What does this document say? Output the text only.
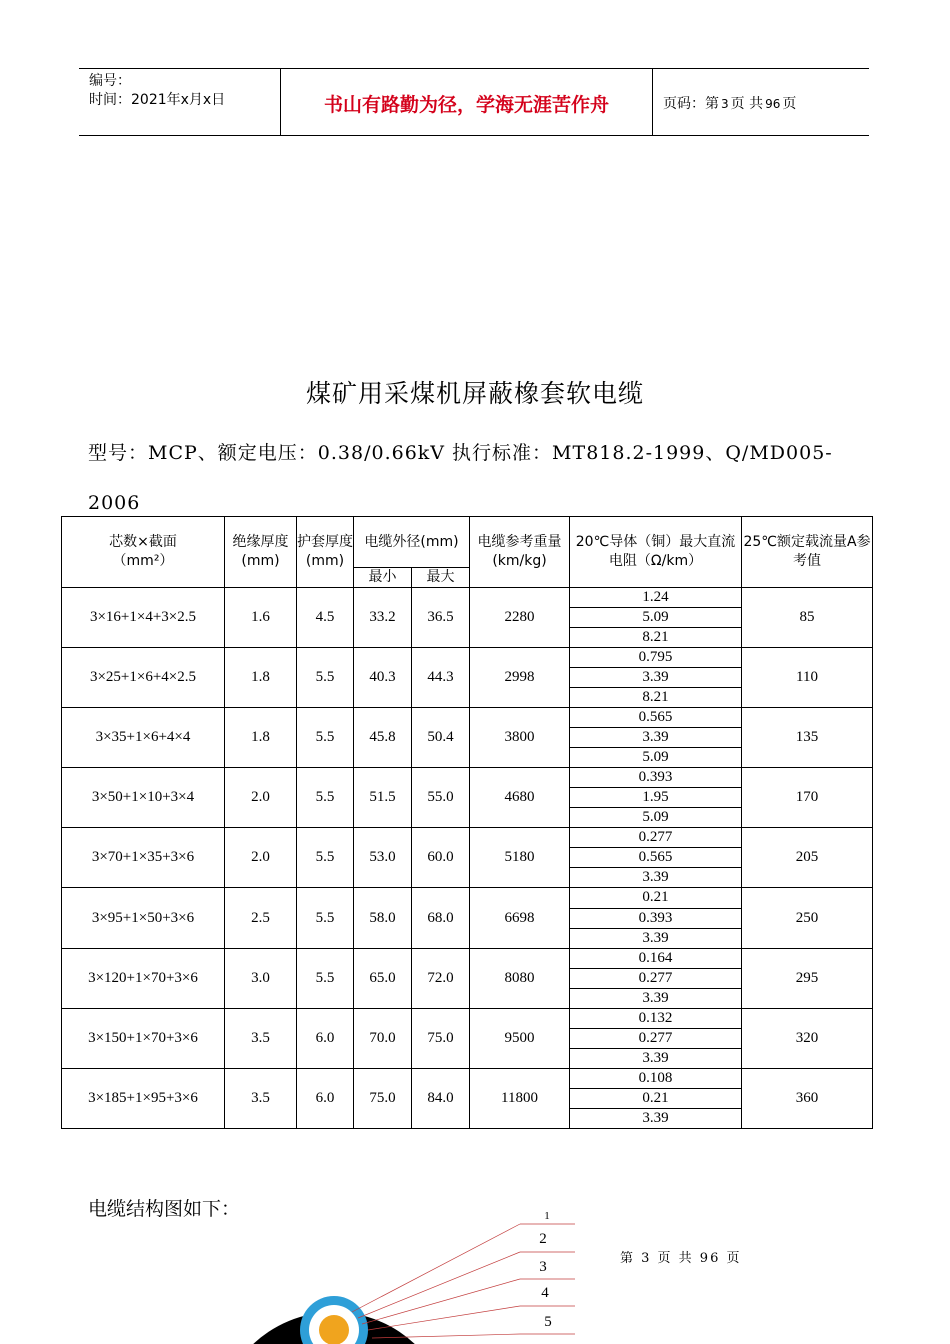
编号：
时间：2021年x月x日	书山有路勤为径，学海无涯苦作舟	页码：第 3 页 共 96 页
煤矿用采煤机屏蔽橡套软电缆
型号：MCP、额定电压：0.38/0.66kV 执行标准：MT818.2-1999、Q/MD005-2006
芯数×截面
（mm²）	绝缘厚度(mm)	护套厚度(mm)	电缆外径(mm)		电缆参考重量(km/kg)	20℃导体（铜）最大直流电阻（Ω/km）	25℃额定载流量A参考值
			最小	最大			
3×16+1×4+3×2.5	1.6	4.5	33.2	36.5	2280	1.24	85
						5.09	
						8.21	
3×25+1×6+4×2.5	1.8	5.5	40.3	44.3	2998	0.795	110
						3.39	
						8.21	
3×35+1×6+4×4	1.8	5.5	45.8	50.4	3800	0.565	135
						3.39	
						5.09	
3×50+1×10+3×4	2.0	5.5	51.5	55.0	4680	0.393	170
						1.95	
						5.09	
3×70+1×35+3×6	2.0	5.5	53.0	60.0	5180	0.277	205
						0.565	
						3.39	
3×95+1×50+3×6	2.5	5.5	58.0	68.0	6698	0.21	250
						0.393	
						3.39	
3×120+1×70+3×6	3.0	5.5	65.0	72.0	8080	0.164	295
						0.277	
						3.39	
3×150+1×70+3×6	3.5	6.0	70.0	75.0	9500	0.132	320
						0.277	
						3.39	
3×185+1×95+3×6	3.5	6.0	75.0	84.0	11800	0.108	360
						0.21	
						3.39	
电缆结构图如下：
第 3 页 共 96 页
1
2
3
4
5
